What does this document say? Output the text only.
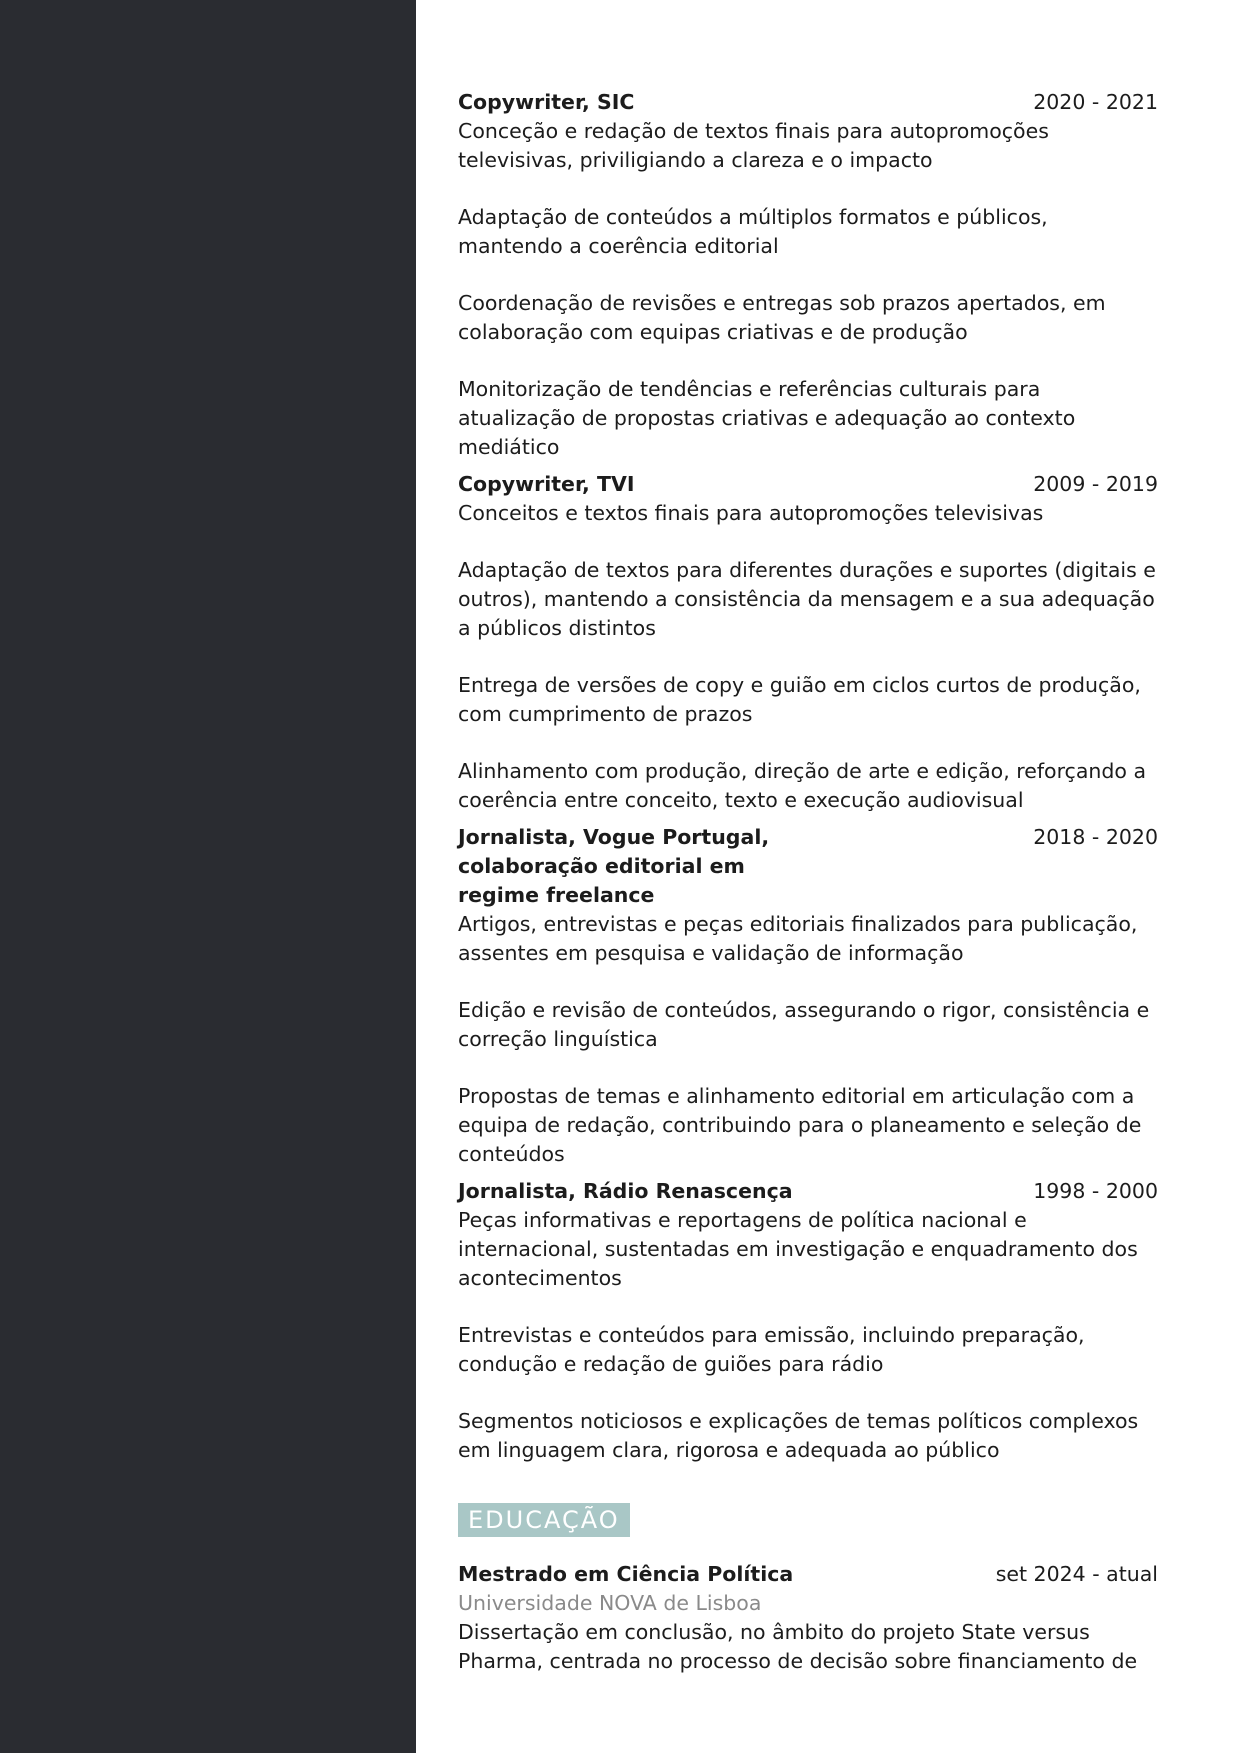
Copywriter, SIC	2020 - 2021
Conceção e redação de textos finais para autopromoções televisivas, priviligiando a clareza e o impacto
Adaptação de conteúdos a múltiplos formatos e públicos, mantendo a coerência editorial
Coordenação de revisões e entregas sob prazos apertados, em colaboração com equipas criativas e de produção
Monitorização de tendências e referências culturais para atualização de propostas criativas e adequação ao contexto mediático
Copywriter, TVI	2009 - 2019
Conceitos e textos finais para autopromoções televisivas
Adaptação de textos para diferentes durações e suportes (digitais e outros), mantendo a consistência da mensagem e a sua adequação a públicos distintos
Entrega de versões de copy e guião em ciclos curtos de produção, com cumprimento de prazos
Alinhamento com produção, direção de arte e edição, reforçando a coerência entre conceito, texto e execução audiovisual
Jornalista, Vogue Portugal, colaboração editorial em regime freelance
2018 - 2020
Artigos, entrevistas e peças editoriais finalizados para publicação, assentes em pesquisa e validação de informação
Edição e revisão de conteúdos, assegurando o rigor, consistência e correção linguística
Propostas de temas e alinhamento editorial em articulação com a equipa de redação, contribuindo para o planeamento e seleção de conteúdos
Jornalista, Rádio Renascença	1998 - 2000
Peças informativas e reportagens de política nacional e internacional, sustentadas em investigação e enquadramento dos acontecimentos
Entrevistas e conteúdos para emissão, incluindo preparação, condução e redação de guiões para rádio
Segmentos noticiosos e explicações de temas políticos complexos em linguagem clara, rigorosa e adequada ao público
EDUCAÇÃO
Mestrado em Ciência Política	set 2024 - atual
Universidade NOVA de Lisboa
Dissertação em conclusão, no âmbito do projeto State versus Pharma, centrada no processo de decisão sobre financiamento de
